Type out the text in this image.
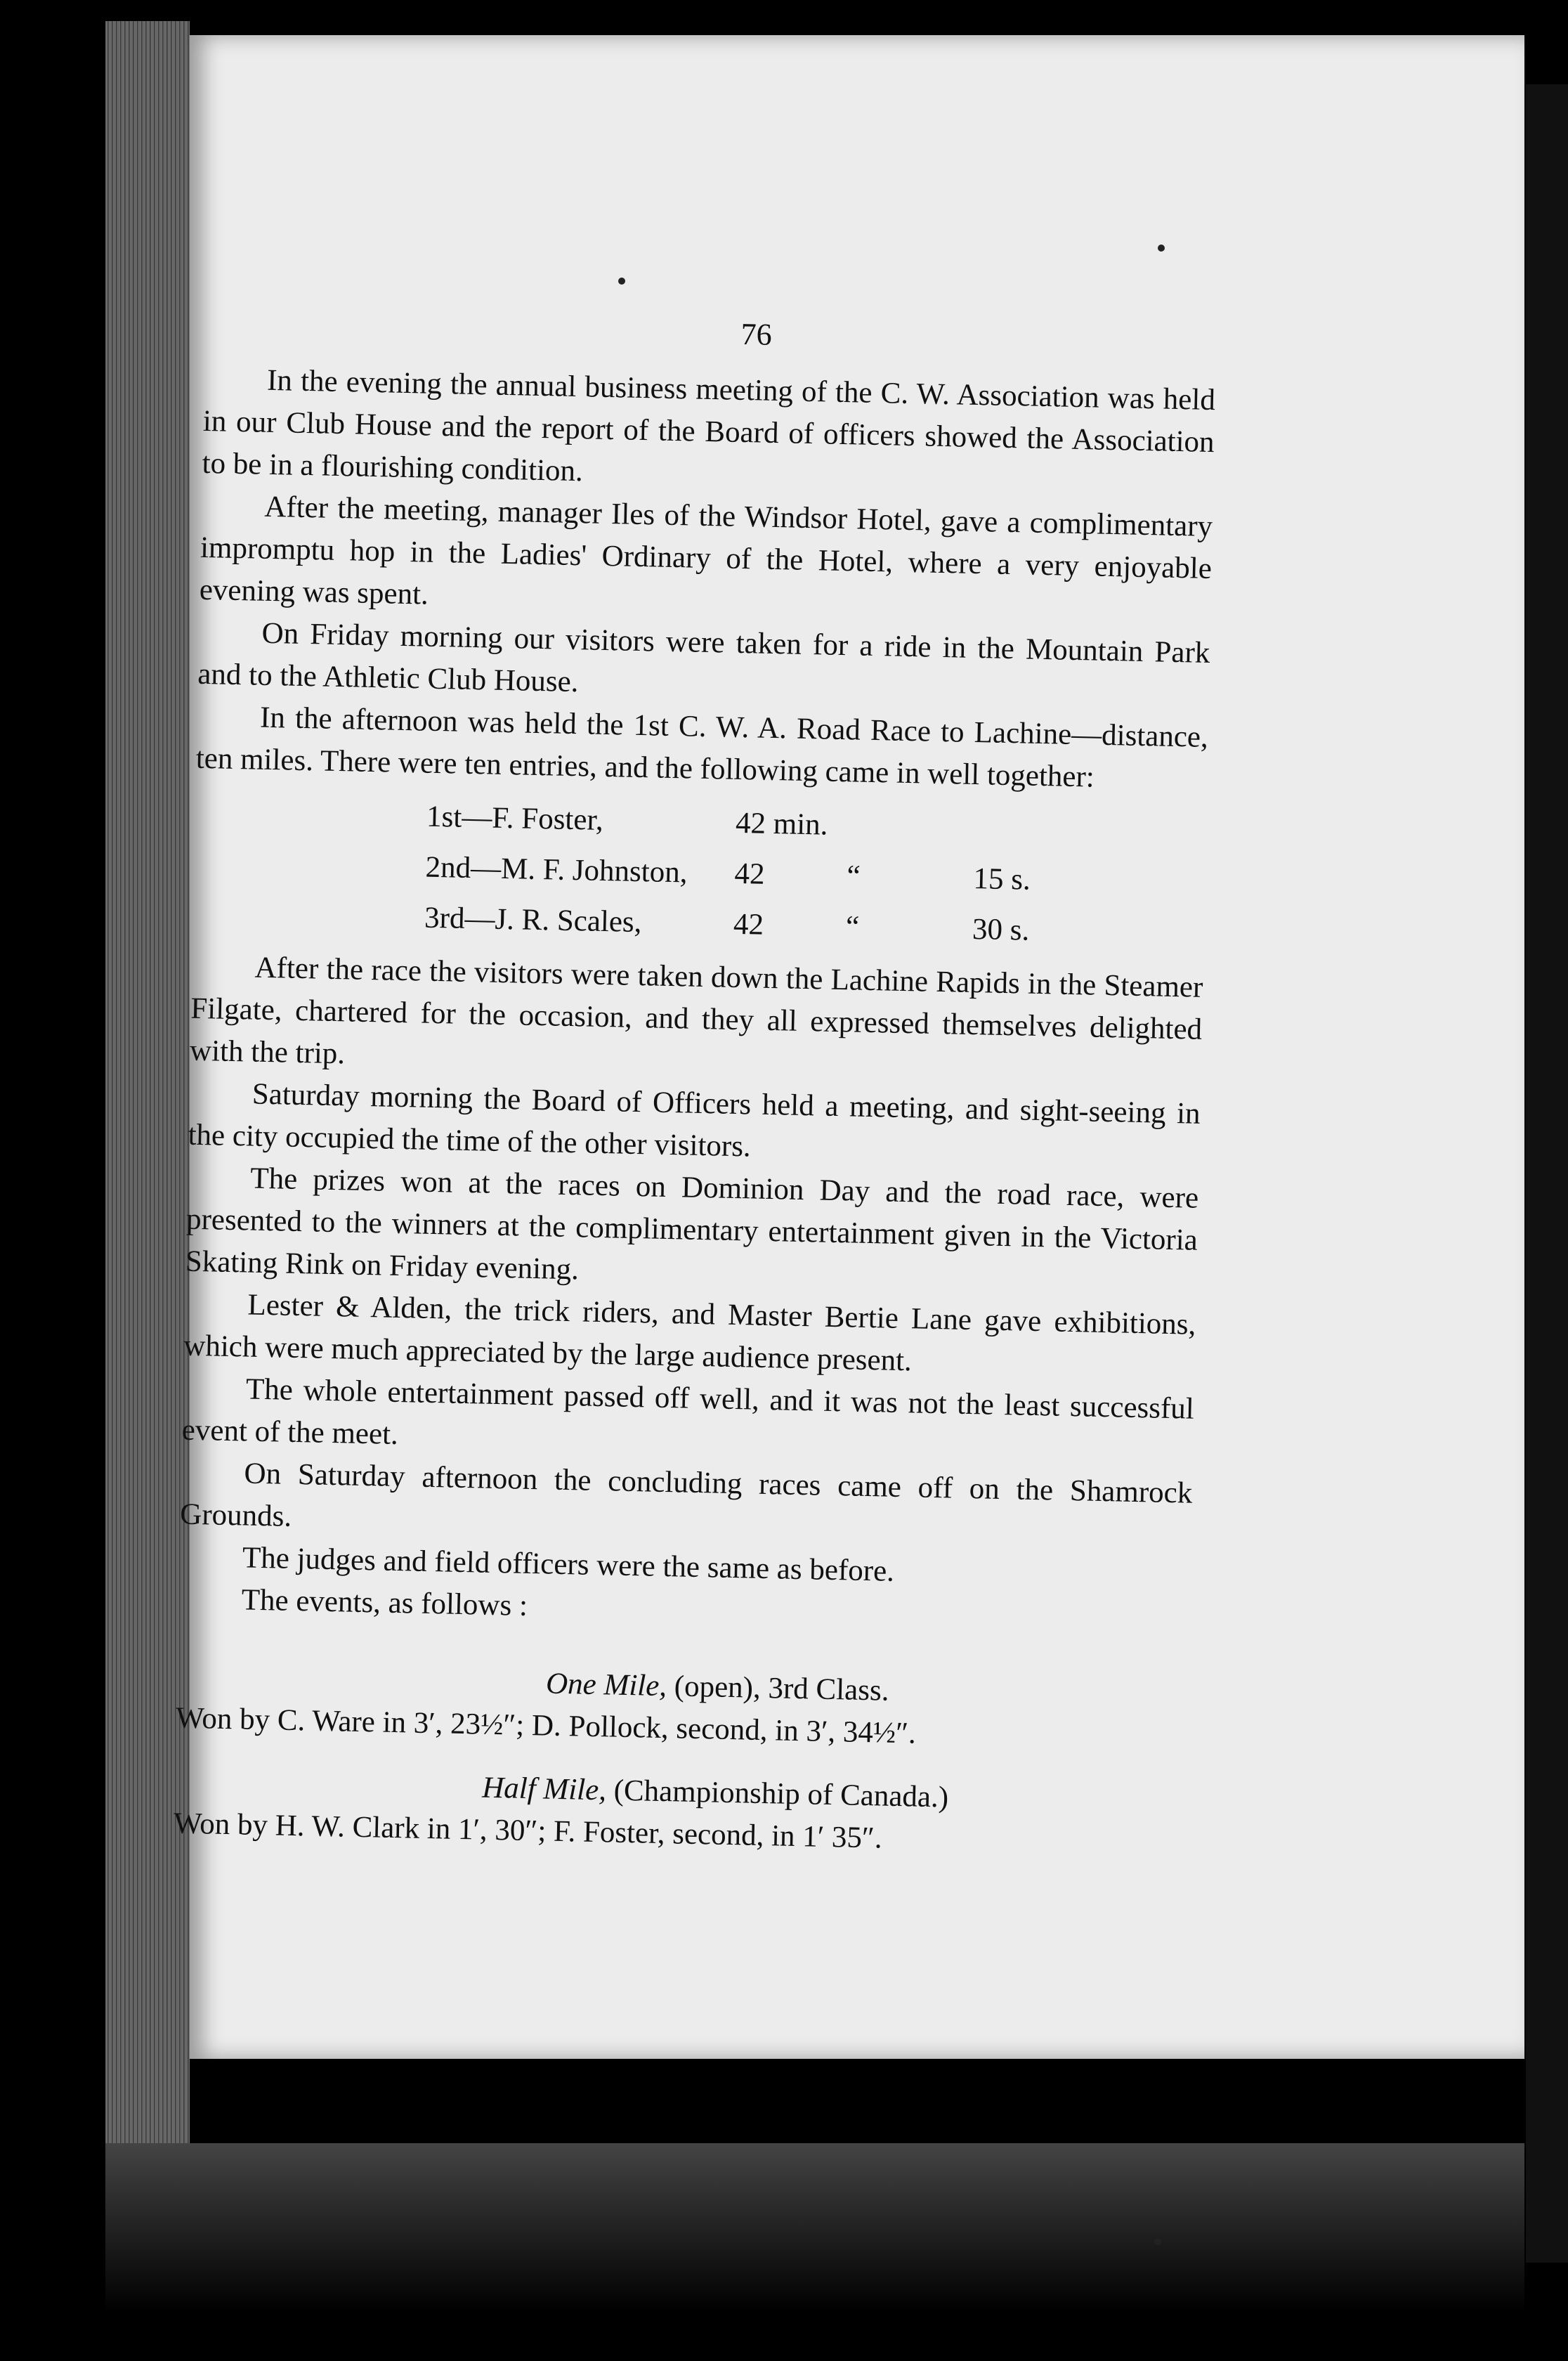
76

In the evening the annual business meeting of the C. W. Association was held in our Club House and the report of the Board of officers showed the Association to be in a flourishing condition.

After the meeting, manager Iles of the Windsor Hotel, gave a complimentary impromptu hop in the Ladies' Ordinary of the Hotel, where a very enjoyable evening was spent.

On Friday morning our visitors were taken for a ride in the Mountain Park and to the Athletic Club House.

In the afternoon was held the 1st C. W. A. Road Race to Lachine—distance, ten miles. There were ten entries, and the following came in well together:

1st—F. Foster,	42 min.
2nd—M. F. Johnston,	42	“	15 s.
3rd—J. R. Scales,	42	“	30 s.

After the race the visitors were taken down the Lachine Rapids in the Steamer Filgate, chartered for the occasion, and they all expressed themselves delighted with the trip.

Saturday morning the Board of Officers held a meeting, and sight-seeing in the city occupied the time of the other visitors.

The prizes won at the races on Dominion Day and the road race, were presented to the winners at the complimentary entertainment given in the Victoria Skating Rink on Friday evening.

Lester & Alden, the trick riders, and Master Bertie Lane gave exhibitions, which were much appreciated by the large audience present.

The whole entertainment passed off well, and it was not the least successful event of the meet.

On Saturday afternoon the concluding races came off on the Shamrock Grounds.

The judges and field officers were the same as before.

The events, as follows :

One Mile, (open), 3rd Class.

Won by C. Ware in 3′, 23½″; D. Pollock, second, in 3′, 34½″.

Half Mile, (Championship of Canada.)

Won by H. W. Clark in 1′, 30″; F. Foster, second, in 1′ 35″.
